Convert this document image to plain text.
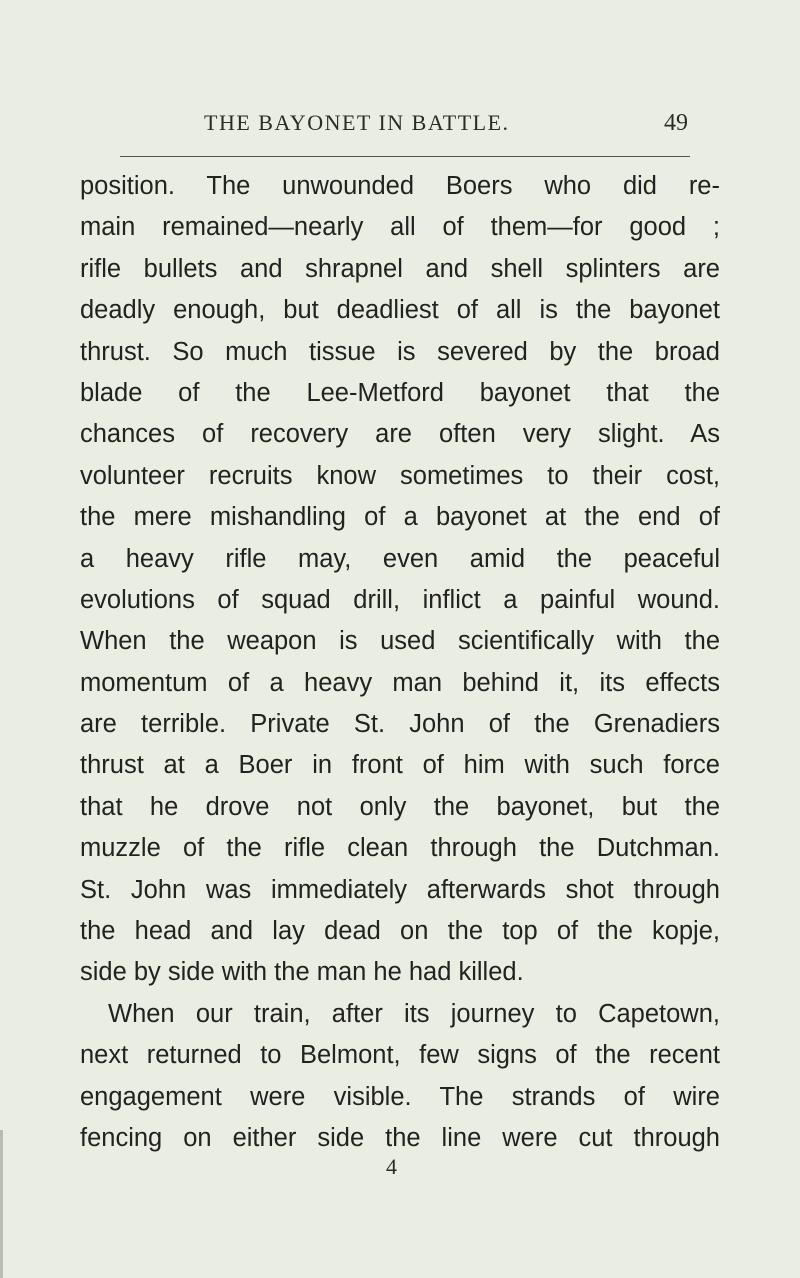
THE BAYONET IN BATTLE.	49
position. The unwounded Boers who did re-
main remained—nearly all of them—for good ;
rifle bullets and shrapnel and shell splinters are
deadly enough, but deadliest of all is the bayonet
thrust. So much tissue is severed by the broad
blade of the Lee-Metford bayonet that the
chances of recovery are often very slight. As
volunteer recruits know sometimes to their cost,
the mere mishandling of a bayonet at the end of
a heavy rifle may, even amid the peaceful
evolutions of squad drill, inflict a painful wound.
When the weapon is used scientifically with the
momentum of a heavy man behind it, its effects
are terrible. Private St. John of the Grenadiers
thrust at a Boer in front of him with such force
that he drove not only the bayonet, but the
muzzle of the rifle clean through the Dutchman.
St. John was immediately afterwards shot through
the head and lay dead on the top of the kopje,
side by side with the man he had killed.
When our train, after its journey to Capetown,
next returned to Belmont, few signs of the recent
engagement were visible. The strands of wire
fencing on either side the line were cut through
4
